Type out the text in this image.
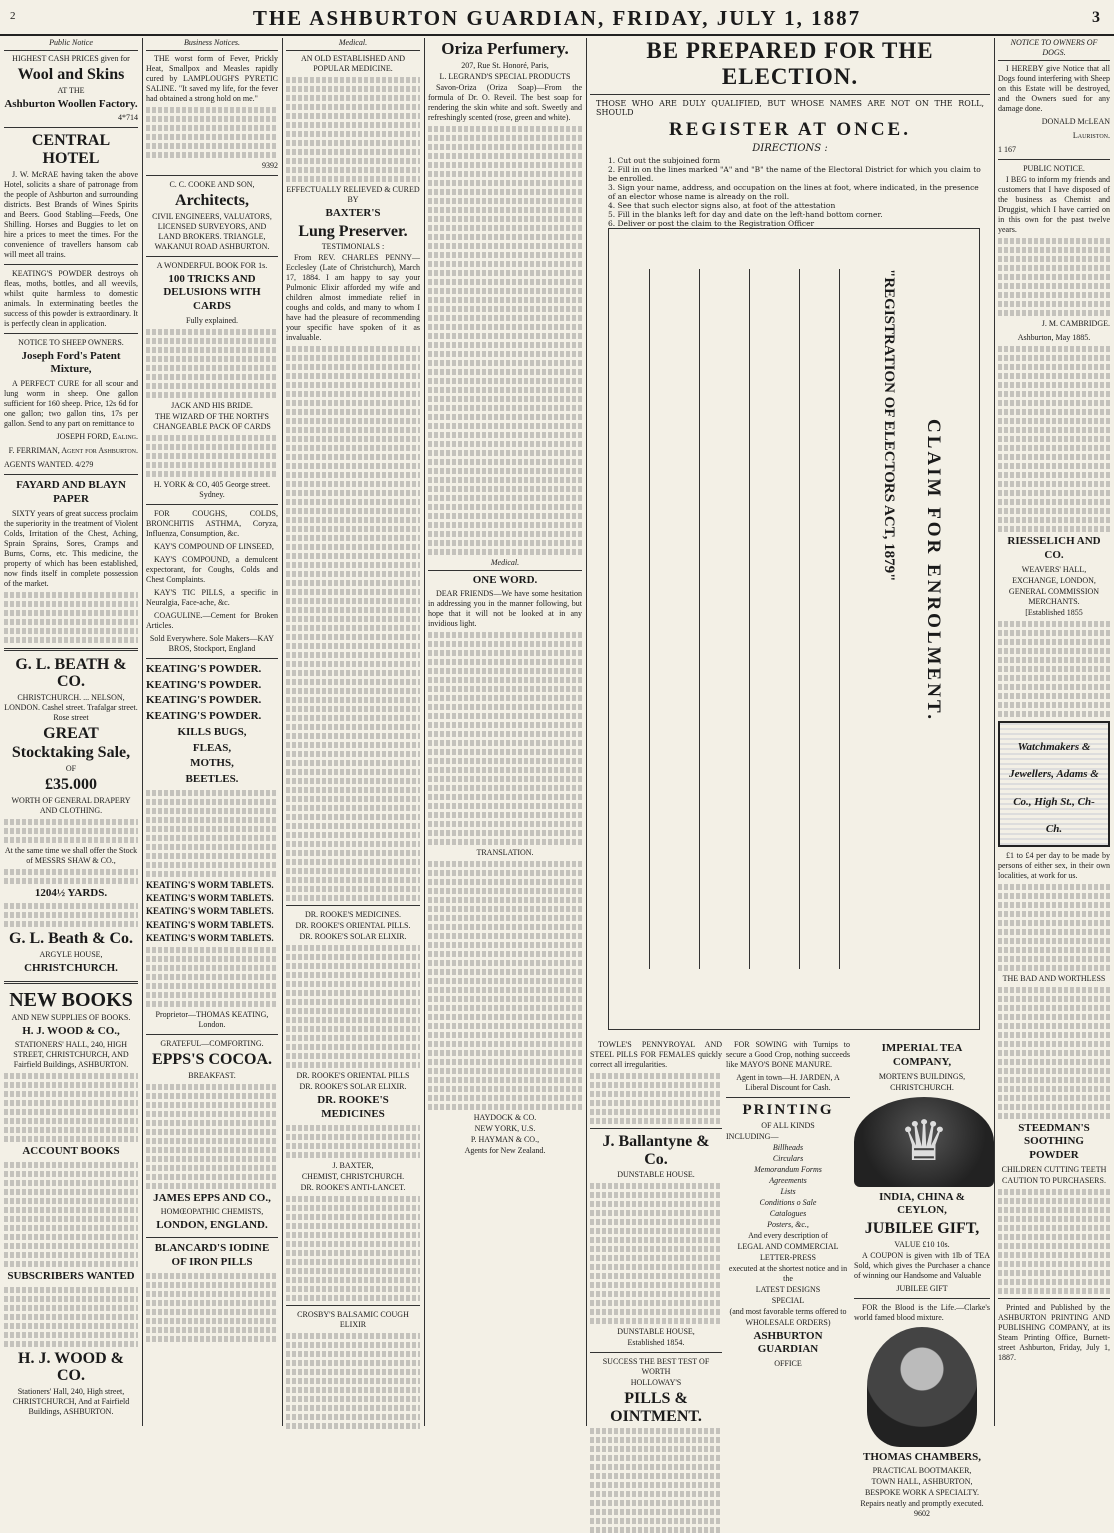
2	THE ASHBURTON GUARDIAN, FRIDAY, JULY 1, 1887	3
Public Notice
HIGHEST CASH PRICES given for
Wool and Skins
AT THE
Ashburton Woollen Factory.
4*714
CENTRAL HOTEL

J. W. McRAE having taken the above Hotel, solicits a share of patronage from the people of Ashburton and surrounding districts. Best Brands of Wines Spirits and Beers. Good Stabling—Feeds, One Shilling. Horses and Buggies to let on hire a prices to meet the times. For the convenience of travellers hansom cab will meet all trains.

KEATING'S POWDER destroys oh fleas, moths, bottles, and all weevils, whilst quite harmless to domestic animals. In exterminating beetles the success of this powder is extraordinary. It is perfectly clean in application.

NOTICE TO SHEEP OWNERS.
Joseph Ford's Patent Mixture,

A PERFECT CURE for all scour and lung worm in sheep. One gallon sufficient for 160 sheep. Price, 12s 6d for one gallon; two gallon tins, 17s per gallon. Send to any part on remittance to

JOSEPH FORD, Ealing.
F. FERRIMAN, Agent for Ashburton.
AGENTS WANTED. 4/279
FAYARD AND BLAYN PAPER

SIXTY years of great success proclaim the superiority in the treatment of Violent Colds, Irritation of the Chest, Aching, Sprain Sprains, Sores, Cramps and Burns, Corns, etc. This medicine, the property of which has been established, now finds itself in complete possession of the market.

G. L. BEATH & CO.
CHRISTCHURCH. ... NELSON, LONDON. Cashel street. Trafalgar street. Rose street
GREAT
Stocktaking Sale,
OF
£35.000
WORTH OF GENERAL DRAPERY AND CLOTHING.
At the same time we shall offer the Stock of MESSRS SHAW & CO.,
1204½ YARDS.
G. L. Beath & Co.
ARGYLE HOUSE,
CHRISTCHURCH.
NEW BOOKS
AND NEW SUPPLIES OF BOOKS.
H. J. WOOD & CO.,
STATIONERS' HALL, 240, HIGH STREET, CHRISTCHURCH, AND Fairfield Buildings, ASHBURTON.
ACCOUNT BOOKS
SUBSCRIBERS WANTED
H. J. WOOD & CO.
Stationers' Hall, 240, High street, CHRISTCHURCH, And at Fairfield Buildings, ASHBURTON.
Business Notices.

THE worst form of Fever, Prickly Heat, Smallpox and Measles rapidly cured by LAMPLOUGH'S PYRETIC SALINE. "It saved my life, for the fever had obtained a strong hold on me."

9392
C. C. COOKE AND SON,
Architects,
CIVIL ENGINEERS, VALUATORS, LICENSED SURVEYORS, AND LAND BROKERS. TRIANGLE, WAKANUI ROAD ASHBURTON.
A WONDERFUL BOOK FOR 1s.
100 TRICKS AND DELUSIONS WITH CARDS
Fully explained.
JACK AND HIS BRIDE.
THE WIZARD OF THE NORTH'S CHANGEABLE PACK OF CARDS
H. YORK & CO, 405 George street. Sydney.

FOR COUGHS, COLDS, BRONCHITIS ASTHMA, Coryza, Influenza, Consumption, &c.

KAY'S COMPOUND OF LINSEED,

KAY'S COMPOUND, a demulcent expectorant, for Coughs, Colds and Chest Complaints.

KAY'S TIC PILLS, a specific in Neuralgia, Face-ache, &c.

COAGULINE.—Cement for Broken Articles.

Sold Everywhere. Sole Makers—KAY BROS, Stockport, England
KEATING'S POWDER.
KEATING'S POWDER.
KEATING'S POWDER.
KEATING'S POWDER.
KILLS BUGS,
FLEAS,
MOTHS,
BEETLES.
KEATING'S WORM TABLETS.
KEATING'S WORM TABLETS.
KEATING'S WORM TABLETS.
KEATING'S WORM TABLETS.
KEATING'S WORM TABLETS.
Proprietor—THOMAS KEATING, London.
GRATEFUL—COMFORTING.
EPPS'S COCOA.
BREAKFAST.
JAMES EPPS AND CO.,
HOMŒOPATHIC CHEMISTS,
LONDON, ENGLAND.
BLANCARD'S IODINE OF IRON PILLS
Medical.
AN OLD ESTABLISHED AND POPULAR MEDICINE.
EFFECTUALLY RELIEVED & CURED BY
BAXTER'S
Lung Preserver.
TESTIMONIALS :

From REV. CHARLES PENNY—Ecclesley (Late of Christchurch), March 17, 1884. I am happy to say your Pulmonic Elixir afforded my wife and children almost immediate relief in coughs and colds, and many to whom I have had the pleasure of recommending your specific have spoken of it as invaluable.

DR. ROOKE'S MEDICINES.
DR. ROOKE'S ORIENTAL PILLS.
DR. ROOKE'S SOLAR ELIXIR.
DR. ROOKE'S ORIENTAL PILLS
DR. ROOKE'S SOLAR ELIXIR.
DR. ROOKE'S MEDICINES
J. BAXTER,
CHEMIST, CHRISTCHURCH.
DR. ROOKE'S ANTI-LANCET.
CROSBY'S BALSAMIC COUGH ELIXIR
Oriza Perfumery.
207, Rue St. Honoré, Paris,
L. LEGRAND'S SPECIAL PRODUCTS

Savon-Oriza (Oriza Soap)—From the formula of Dr. O. Reveil. The best soap for rendering the skin white and soft. Sweetly and refreshingly scented (rose, green and white).

Medical.
ONE WORD.

DEAR FRIENDS—We have some hesitation in addressing you in the manner following, but hope that it will not be looked at in any invidious light.

TRANSLATION.
HAYDOCK & CO.
NEW YORK, U.S.
P. HAYMAN & CO.,
Agents for New Zealand.
BE PREPARED FOR THE ELECTION.
THOSE WHO ARE DULY QUALIFIED, BUT WHOSE NAMES ARE NOT ON THE ROLL, SHOULD
REGISTER AT ONCE.
DIRECTIONS :
1. Cut out the subjoined form
2. Fill in on the lines marked "A" and "B" the name of the Electoral District for which you claim to be enrolled.
3. Sign your name, address, and occupation on the lines at foot, where indicated, in the presence of an elector whose name is already on the roll.
4. See that such elector signs also, at foot of the attestation
5. Fill in the blanks left for day and date on the left-hand bottom corner.
6. Deliver or post the claim to the Registration Officer
"REGISTRATION OF ELECTORS ACT, 1879" CLAIM FOR ENROLMENT.

TOWLE'S PENNYROYAL AND STEEL PILLS FOR FEMALES quickly correct all irregularities.

J. Ballantyne & Co.
DUNSTABLE HOUSE.
DUNSTABLE HOUSE,
Established 1854.
SUCCESS THE BEST TEST OF WORTH
HOLLOWAY'S
PILLS & OINTMENT.

FOR SOWING with Turnips to secure a Good Crop, nothing succeeds like MAYO'S BONE MANURE.

Agent in town—H. JARDEN, A Liberal Discount for Cash.
PRINTING
OF ALL KINDS
INCLUDING—
Billheads
Circulars
Memorandum Forms
Agreements
Lists
Conditions o Sale
Catalogues
Posters, &c.,
And every description of
LEGAL AND COMMERCIAL
LETTER-PRESS
executed at the shortest notice and in the
LATEST DESIGNS
SPECIAL
(and most favorable terms offered to
WHOLESALE ORDERS)
ASHBURTON GUARDIAN
OFFICE
IMPERIAL TEA COMPANY,
MORTEN'S BUILDINGS,
CHRISTCHURCH.
♛
INDIA, CHINA & CEYLON,
JUBILEE GIFT,
VALUE £10 10s.

A COUPON is given with 1lb of TEA Sold, which gives the Purchaser a chance of winning our Handsome and Valuable

JUBILEE GIFT

FOR the Blood is the Life.—Clarke's world famed blood mixture.

THOMAS CHAMBERS,
PRACTICAL BOOTMAKER,
TOWN HALL, ASHBURTON,
BESPOKE WORK A SPECIALTY.
Repairs neatly and promptly executed. 9602
NOTICE TO OWNERS OF DOGS.

I HEREBY give Notice that all Dogs found interfering with Sheep on this Estate will be destroyed, and the Owners sued for any damage done.

DONALD McLEAN
Lauriston.
1 167
PUBLIC NOTICE.

I BEG to inform my friends and customers that I have disposed of the business as Chemist and Druggist, which I have carried on in this own for the past twelve years.

J. M. CAMBRIDGE.
Ashburton, May 1885.
RIESSELICH AND CO.
WEAVERS' HALL,
EXCHANGE, LONDON,
GENERAL COMMISSION MERCHANTS.
[Established 1855
Watchmakers & Jewellers, Adams & Co., High St., Ch-Ch.

£1 to £4 per day to be made by persons of either sex, in their own localities, at work for us.

THE BAD AND WORTHLESS
STEEDMAN'S SOOTHING POWDER
CHILDREN CUTTING TEETH
CAUTION TO PURCHASERS.

Printed and Published by the ASHBURTON PRINTING AND PUBLISHING COMPANY, at its Steam Printing Office, Burnett-street Ashburton, Friday, July 1, 1887.
